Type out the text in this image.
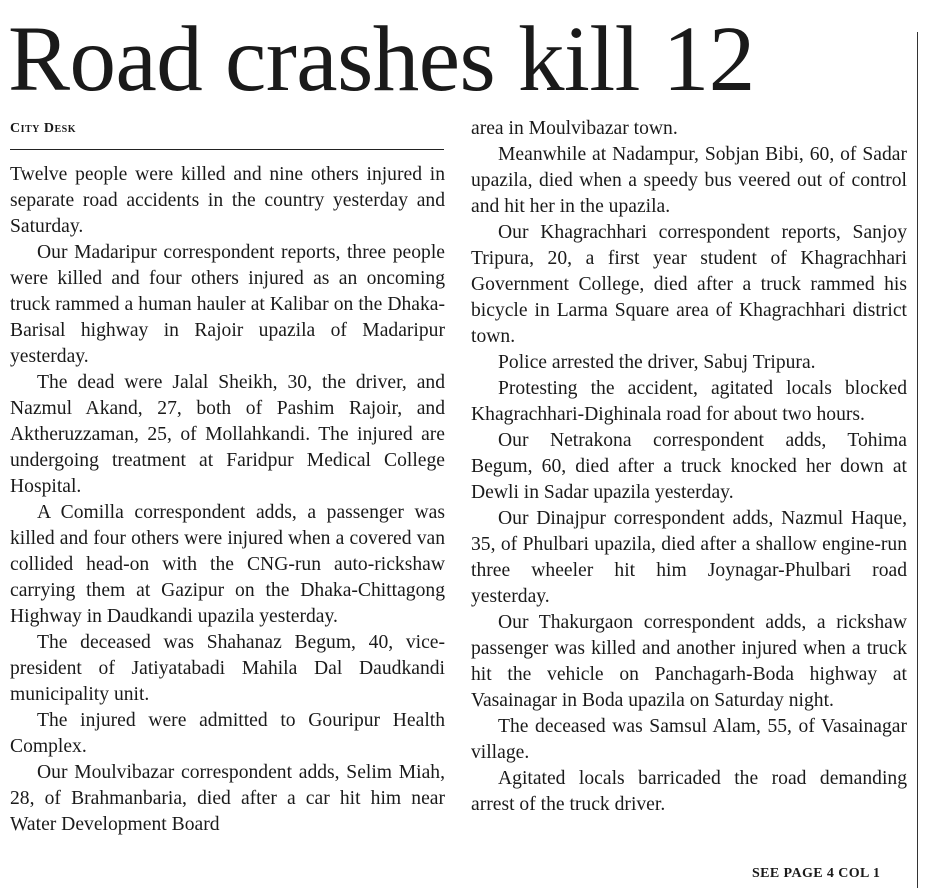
Road crashes kill 12
City Desk

Twelve people were killed and nine others injured in separate road accidents in the country yesterday and Saturday.

Our Madaripur correspondent reports, three people were killed and four others injured as an oncoming truck rammed a human hauler at Kalibar on the Dhaka-Barisal highway in Rajoir upazila of Madaripur yesterday.

The dead were Jalal Sheikh, 30, the driver, and Nazmul Akand, 27, both of Pashim Rajoir, and Aktheruzzaman, 25, of Mollahkandi. The injured are undergoing treatment at Faridpur Medical College Hospital.

A Comilla correspondent adds, a passenger was killed and four others were injured when a covered van collided head-on with the CNG-run auto-rickshaw carrying them at Gazipur on the Dhaka-Chittagong Highway in Daudkandi upazila yesterday.

The deceased was Shahanaz Begum, 40, vice-president of Jatiyatabadi Mahila Dal Daudkandi municipality unit.

The injured were admitted to Gouripur Health Complex.

Our Moulvibazar correspondent adds, Selim Miah, 28, of Brahmanbaria, died after a car hit him near Water Development Board

area in Moulvibazar town.

Meanwhile at Nadampur, Sobjan Bibi, 60, of Sadar upazila, died when a speedy bus veered out of control and hit her in the upazila.

Our Khagrachhari correspondent reports, Sanjoy Tripura, 20, a first year student of Khagrachhari Government College, died after a truck rammed his bicycle in Larma Square area of Khagrachhari district town.

Police arrested the driver, Sabuj Tripura.

Protesting the accident, agitated locals blocked Khagrachhari-Dighinala road for about two hours.

Our Netrakona correspondent adds, Tohima Begum, 60, died after a truck knocked her down at Dewli in Sadar upazila yesterday.

Our Dinajpur correspondent adds, Nazmul Haque, 35, of Phulbari upazila, died after a shallow engine-run three wheeler hit him Joynagar-Phulbari road yesterday.

Our Thakurgaon correspondent adds, a rickshaw passenger was killed and another injured when a truck hit the vehicle on Panchagarh-Boda highway at Vasainagar in Boda upazila on Saturday night.

The deceased was Samsul Alam, 55, of Vasainagar village.

Agitated locals barricaded the road demanding arrest of the truck driver.

SEE PAGE 4 COL 1
